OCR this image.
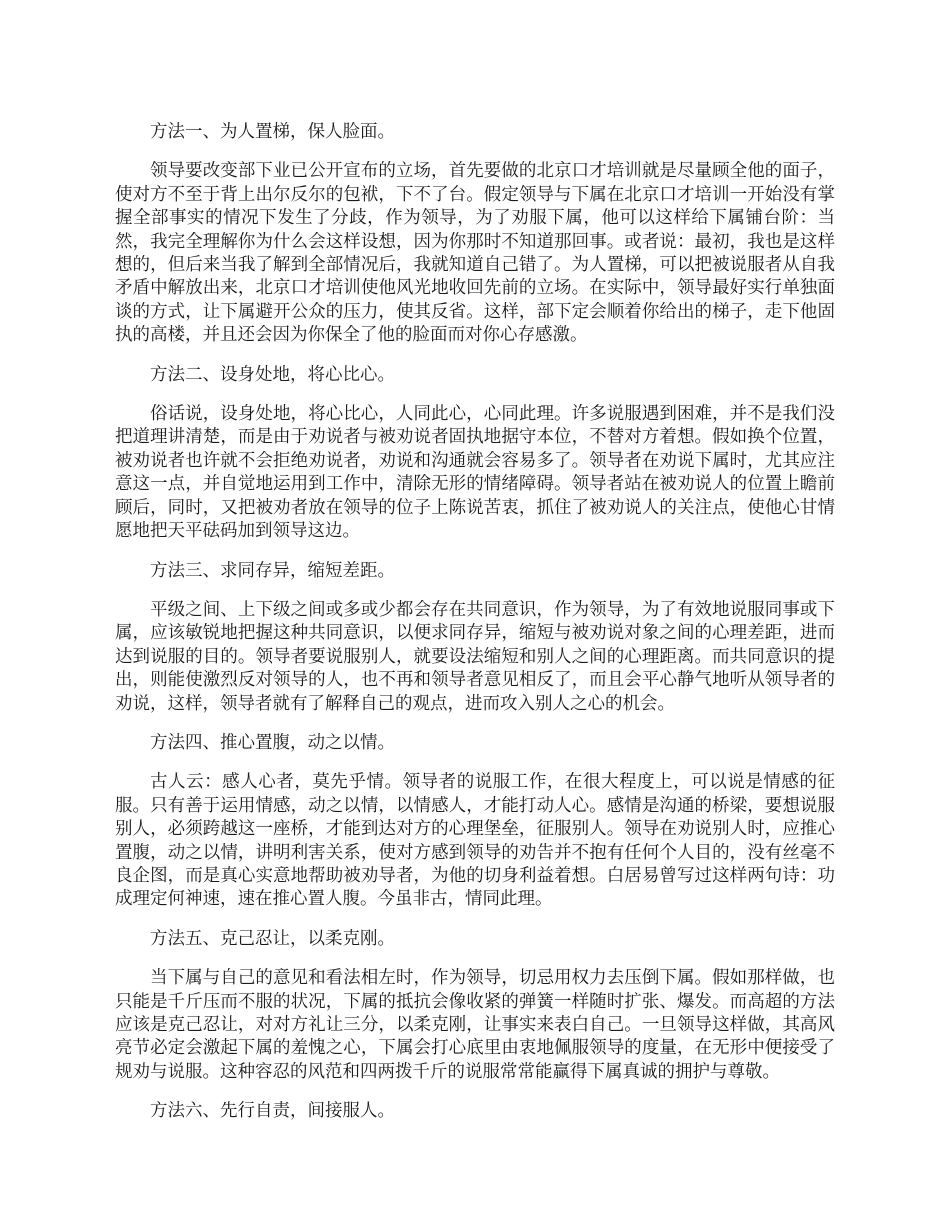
方法一、为人置梯，保人脸面。

领导要改变部下业已公开宣布的立场，首先要做的北京口才培训就是尽量顾全他的面子，使对方不至于背上出尔反尔的包袱，下不了台。假定领导与下属在北京口才培训一开始没有掌握全部事实的情况下发生了分歧，作为领导，为了劝服下属，他可以这样给下属铺台阶：当然，我完全理解你为什么会这样设想，因为你那时不知道那回事。或者说：最初，我也是这样想的，但后来当我了解到全部情况后，我就知道自己错了。为人置梯，可以把被说服者从自我矛盾中解放出来，北京口才培训使他风光地收回先前的立场。在实际中，领导最好实行单独面谈的方式，让下属避开公众的压力，使其反省。这样，部下定会顺着你给出的梯子，走下他固执的高楼，并且还会因为你保全了他的脸面而对你心存感激。

方法二、设身处地，将心比心。

俗话说，设身处地，将心比心，人同此心，心同此理。许多说服遇到困难，并不是我们没把道理讲清楚，而是由于劝说者与被劝说者固执地据守本位，不替对方着想。假如换个位置，被劝说者也许就不会拒绝劝说者，劝说和沟通就会容易多了。领导者在劝说下属时，尤其应注意这一点，并自觉地运用到工作中，清除无形的情绪障碍。领导者站在被劝说人的位置上瞻前顾后，同时，又把被劝者放在领导的位子上陈说苦衷，抓住了被劝说人的关注点，使他心甘情愿地把天平砝码加到领导这边。

方法三、求同存异，缩短差距。

平级之间、上下级之间或多或少都会存在共同意识，作为领导，为了有效地说服同事或下属，应该敏锐地把握这种共同意识，以便求同存异，缩短与被劝说对象之间的心理差距，进而达到说服的目的。领导者要说服别人，就要设法缩短和别人之间的心理距离。而共同意识的提出，则能使激烈反对领导的人，也不再和领导者意见相反了，而且会平心静气地听从领导者的劝说，这样，领导者就有了解释自己的观点，进而攻入别人之心的机会。

方法四、推心置腹，动之以情。

古人云：感人心者，莫先乎情。领导者的说服工作，在很大程度上，可以说是情感的征服。只有善于运用情感，动之以情，以情感人，才能打动人心。感情是沟通的桥梁，要想说服别人，必须跨越这一座桥，才能到达对方的心理堡垒，征服别人。领导在劝说别人时，应推心置腹，动之以情，讲明利害关系，使对方感到领导的劝告并不抱有任何个人目的，没有丝毫不良企图，而是真心实意地帮助被劝导者，为他的切身利益着想。白居易曾写过这样两句诗：功成理定何神速，速在推心置人腹。今虽非古，情同此理。

方法五、克己忍让，以柔克刚。

当下属与自己的意见和看法相左时，作为领导，切忌用权力去压倒下属。假如那样做，也只能是千斤压而不服的状况，下属的抵抗会像收紧的弹簧一样随时扩张、爆发。而高超的方法应该是克己忍让，对对方礼让三分，以柔克刚，让事实来表白自己。一旦领导这样做，其高风亮节必定会激起下属的羞愧之心，下属会打心底里由衷地佩服领导的度量，在无形中便接受了规劝与说服。这种容忍的风范和四两拨千斤的说服常常能赢得下属真诚的拥护与尊敬。

方法六、先行自责，间接服人。
